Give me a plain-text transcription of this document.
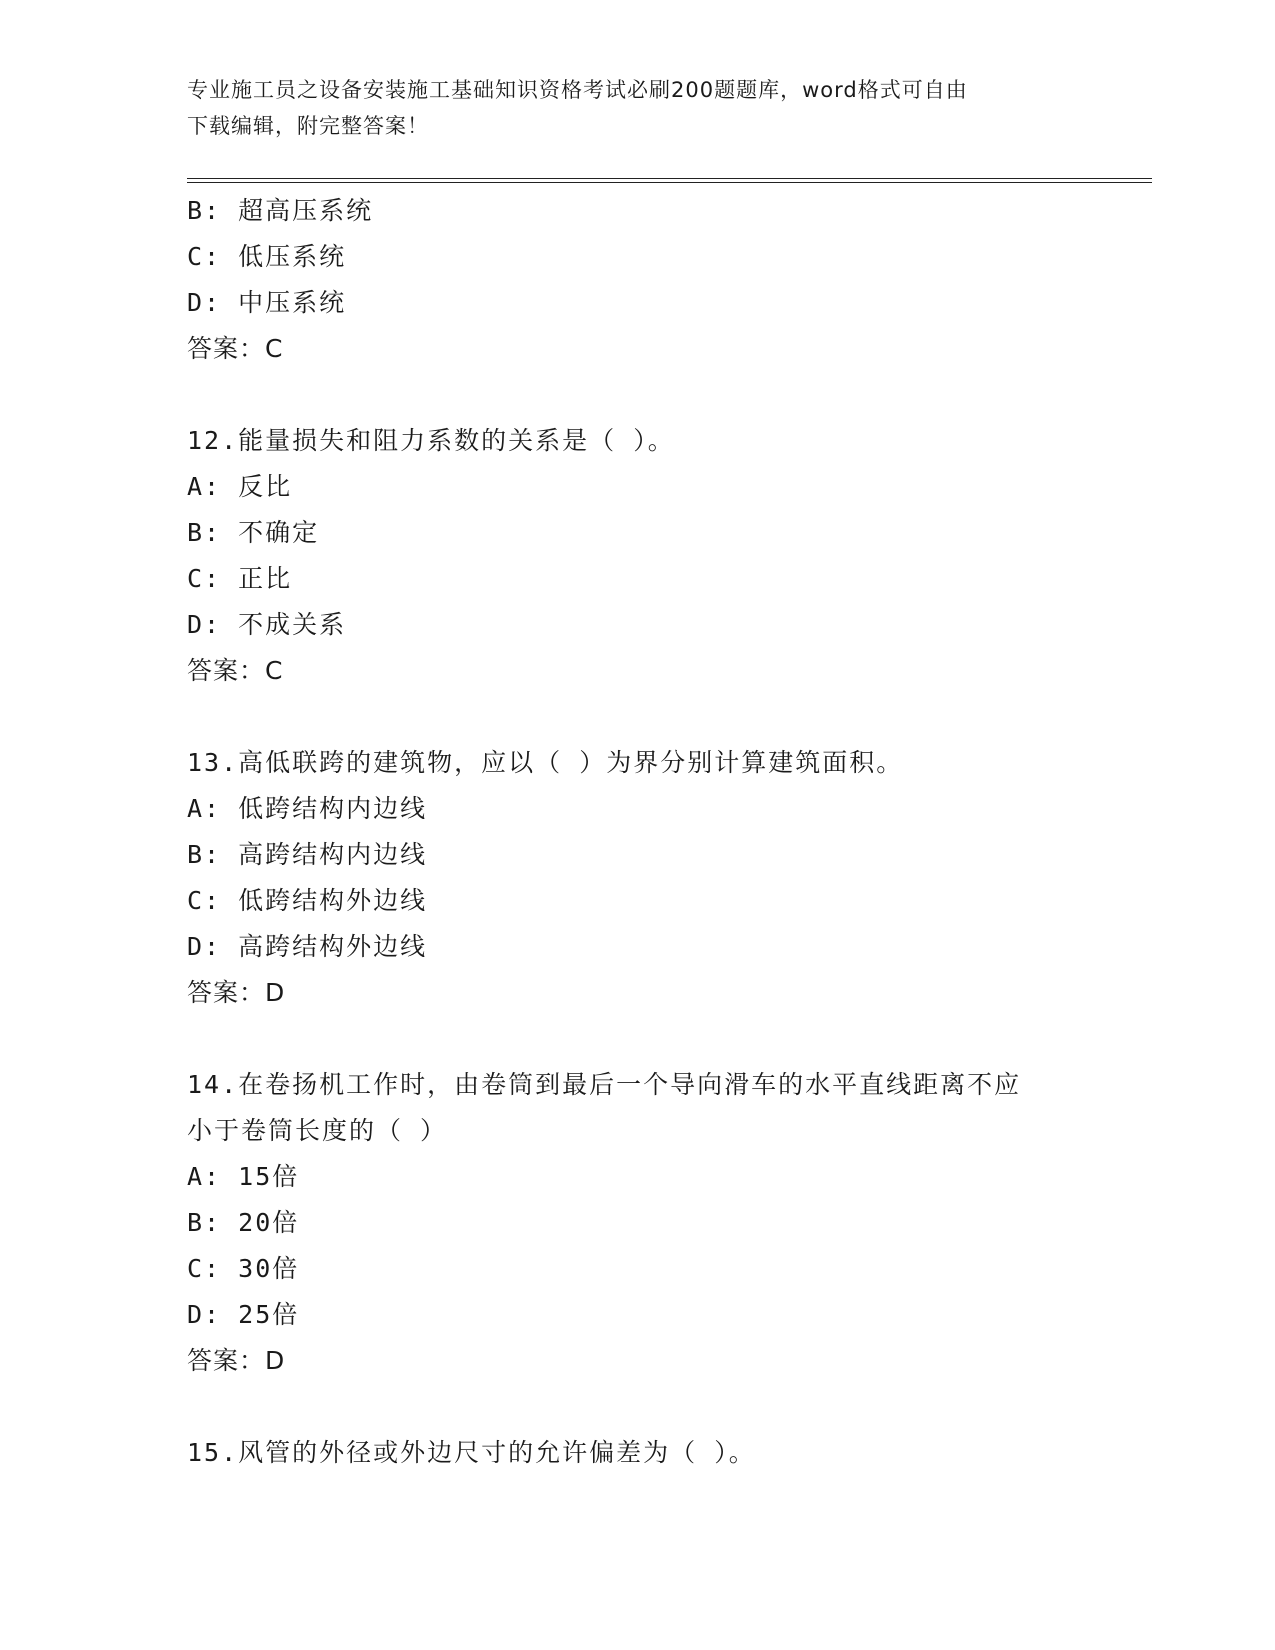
专业施工员之设备安装施工基础知识资格考试必刷200题题库，word格式可自由
下载编辑，附完整答案！
B: 超高压系统
C: 低压系统
D: 中压系统
答案：C
12.能量损失和阻力系数的关系是（ ）。
A: 反比
B: 不确定
C: 正比
D: 不成关系
答案：C
13.高低联跨的建筑物，应以（ ）为界分别计算建筑面积。
A: 低跨结构内边线
B: 高跨结构内边线
C: 低跨结构外边线
D: 高跨结构外边线
答案：D
14.在卷扬机工作时，由卷筒到最后一个导向滑车的水平直线距离不应
小于卷筒长度的（ ）
A: 15倍
B: 20倍
C: 30倍
D: 25倍
答案：D
15.风管的外径或外边尺寸的允许偏差为（ ）。
